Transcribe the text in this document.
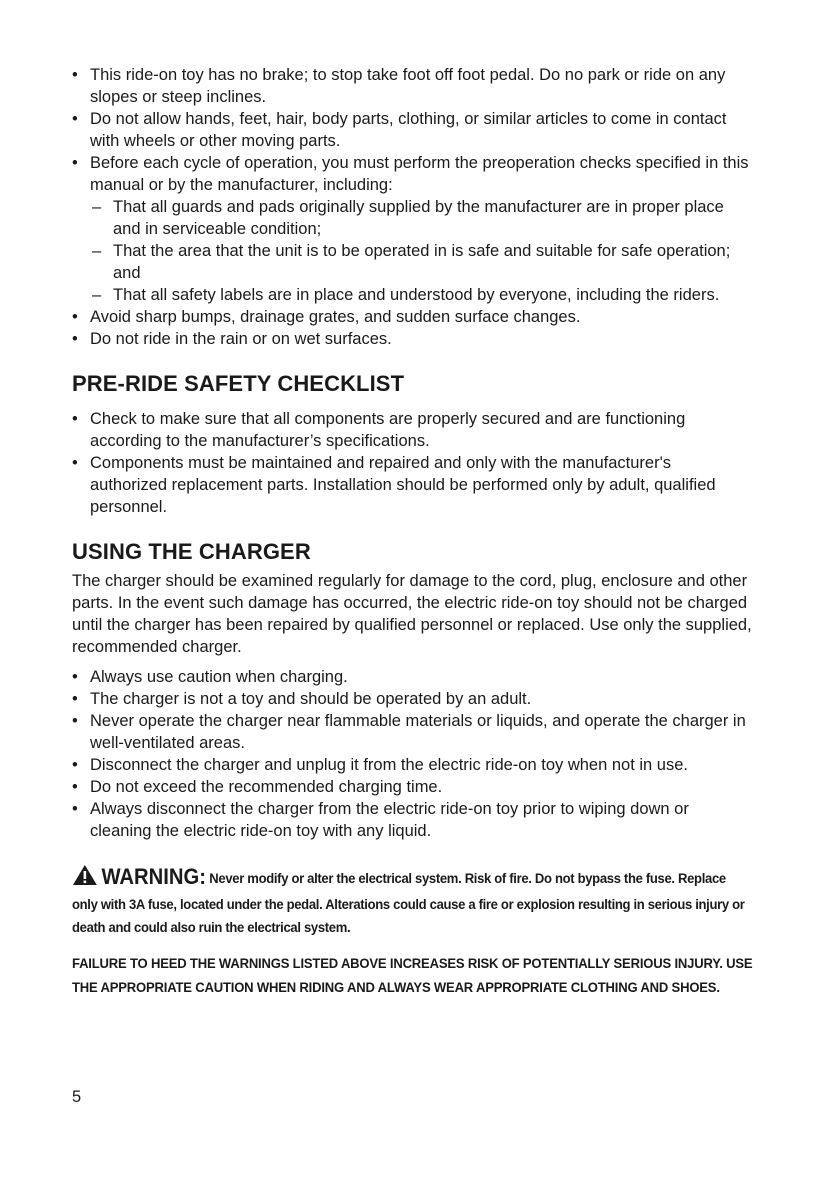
• This ride-on toy has no brake; to stop take foot off foot pedal. Do no park or ride on any slopes or steep inclines.
• Do not allow hands, feet, hair, body parts, clothing, or similar articles to come in contact with wheels or other moving parts.
• Before each cycle of operation, you must perform the preoperation checks specified in this manual or by the manufacturer, including:
– That all guards and pads originally supplied by the manufacturer are in proper place and in serviceable condition;
– That the area that the unit is to be operated in is safe and suitable for safe operation; and
– That all safety labels are in place and understood by everyone, including the riders.
• Avoid sharp bumps, drainage grates, and sudden surface changes.
• Do not ride in the rain or on wet surfaces.
PRE-RIDE SAFETY CHECKLIST
• Check to make sure that all components are properly secured and are functioning according to the manufacturer’s specifications.
• Components must be maintained and repaired and only with the manufacturer's authorized replacement parts. Installation should be performed only by adult, qualified personnel.
USING THE CHARGER

The charger should be examined regularly for damage to the cord, plug, enclosure and other parts. In the event such damage has occurred, the electric ride-on toy should not be charged until the charger has been repaired by qualified personnel or replaced. Use only the supplied, recommended charger.

• Always use caution when charging.
• The charger is not a toy and should be operated by an adult.
• Never operate the charger near flammable materials or liquids, and operate the charger in well-ventilated areas.
• Disconnect the charger and unplug it from the electric ride-on toy when not in use.
• Do not exceed the recommended charging time.
• Always disconnect the charger from the electric ride-on toy prior to wiping down or cleaning the electric ride-on toy with any liquid.
WARNING: Never modify or alter the electrical system. Risk of fire. Do not bypass the fuse. Replace only with 3A fuse, located under the pedal. Alterations could cause a fire or explosion resulting in serious injury or death and could also ruin the electrical system.
FAILURE TO HEED THE WARNINGS LISTED ABOVE INCREASES RISK OF POTENTIALLY SERIOUS INJURY. USE THE APPROPRIATE CAUTION WHEN RIDING AND ALWAYS WEAR APPROPRIATE CLOTHING AND SHOES.
5
